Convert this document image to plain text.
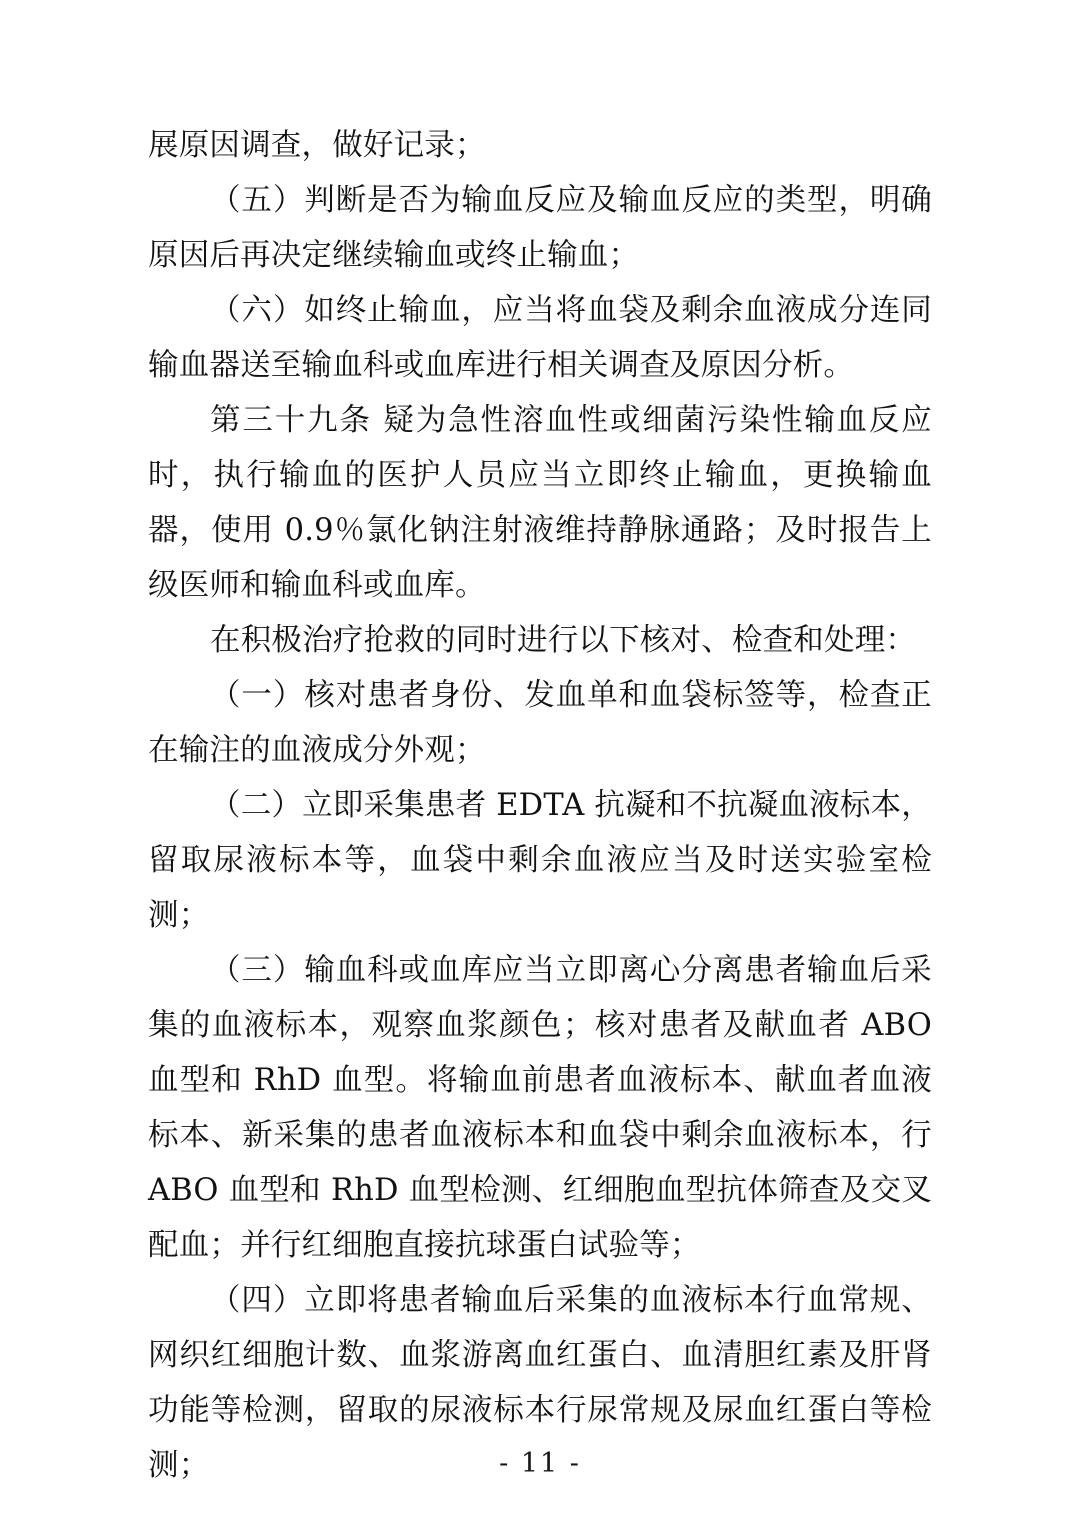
展原因调查，做好记录；

（五）判断是否为输血反应及输血反应的类型，明确原因后再决定继续输血或终止输血；

（六）如终止输血，应当将血袋及剩余血液成分连同输血器送至输血科或血库进行相关调查及原因分析。

第三十九条 疑为急性溶血性或细菌污染性输血反应时，执行输血的医护人员应当立即终止输血，更换输血器，使用 0.9％氯化钠注射液维持静脉通路；及时报告上级医师和输血科或血库。

在积极治疗抢救的同时进行以下核对、检查和处理：

（一）核对患者身份、发血单和血袋标签等，检查正在输注的血液成分外观；

（二）立即采集患者 EDTA 抗凝和不抗凝血液标本，留取尿液标本等，血袋中剩余血液应当及时送实验室检测；

（三）输血科或血库应当立即离心分离患者输血后采集的血液标本，观察血浆颜色；核对患者及献血者 ABO 血型和 RhD 血型。将输血前患者血液标本、献血者血液标本、新采集的患者血液标本和血袋中剩余血液标本，行 ABO 血型和 RhD 血型检测、红细胞血型抗体筛查及交叉配血；并行红细胞直接抗球蛋白试验等；

（四）立即将患者输血后采集的血液标本行血常规、网织红细胞计数、血浆游离血红蛋白、血清胆红素及肝肾功能等检测，留取的尿液标本行尿常规及尿血红蛋白等检测；	- 11 -
